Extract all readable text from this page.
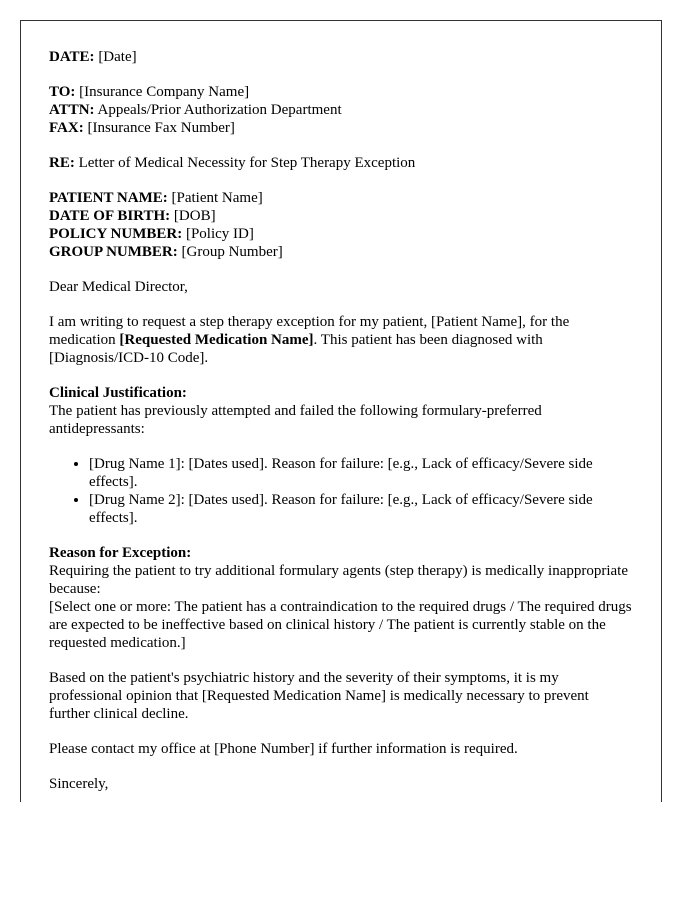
DATE: [Date]

TO: [Insurance Company Name]
ATTN: Appeals/Prior Authorization Department
FAX: [Insurance Fax Number]

RE: Letter of Medical Necessity for Step Therapy Exception

PATIENT NAME: [Patient Name]
DATE OF BIRTH: [DOB]
POLICY NUMBER: [Policy ID]
GROUP NUMBER: [Group Number]

Dear Medical Director,

I am writing to request a step therapy exception for my patient, [Patient Name], for the medication [Requested Medication Name]. This patient has been diagnosed with [Diagnosis/ICD-10 Code].

Clinical Justification:
The patient has previously attempted and failed the following formulary-preferred antidepressants:

• [Drug Name 1]: [Dates used]. Reason for failure: [e.g., Lack of efficacy/Severe side effects].
• [Drug Name 2]: [Dates used]. Reason for failure: [e.g., Lack of efficacy/Severe side effects].

Reason for Exception:
Requiring the patient to try additional formulary agents (step therapy) is medically inappropriate because:
[Select one or more: The patient has a contraindication to the required drugs / The required drugs are expected to be ineffective based on clinical history / The patient is currently stable on the requested medication.]

Based on the patient's psychiatric history and the severity of their symptoms, it is my professional opinion that [Requested Medication Name] is medically necessary to prevent further clinical decline.

Please contact my office at [Phone Number] if further information is required.

Sincerely,
